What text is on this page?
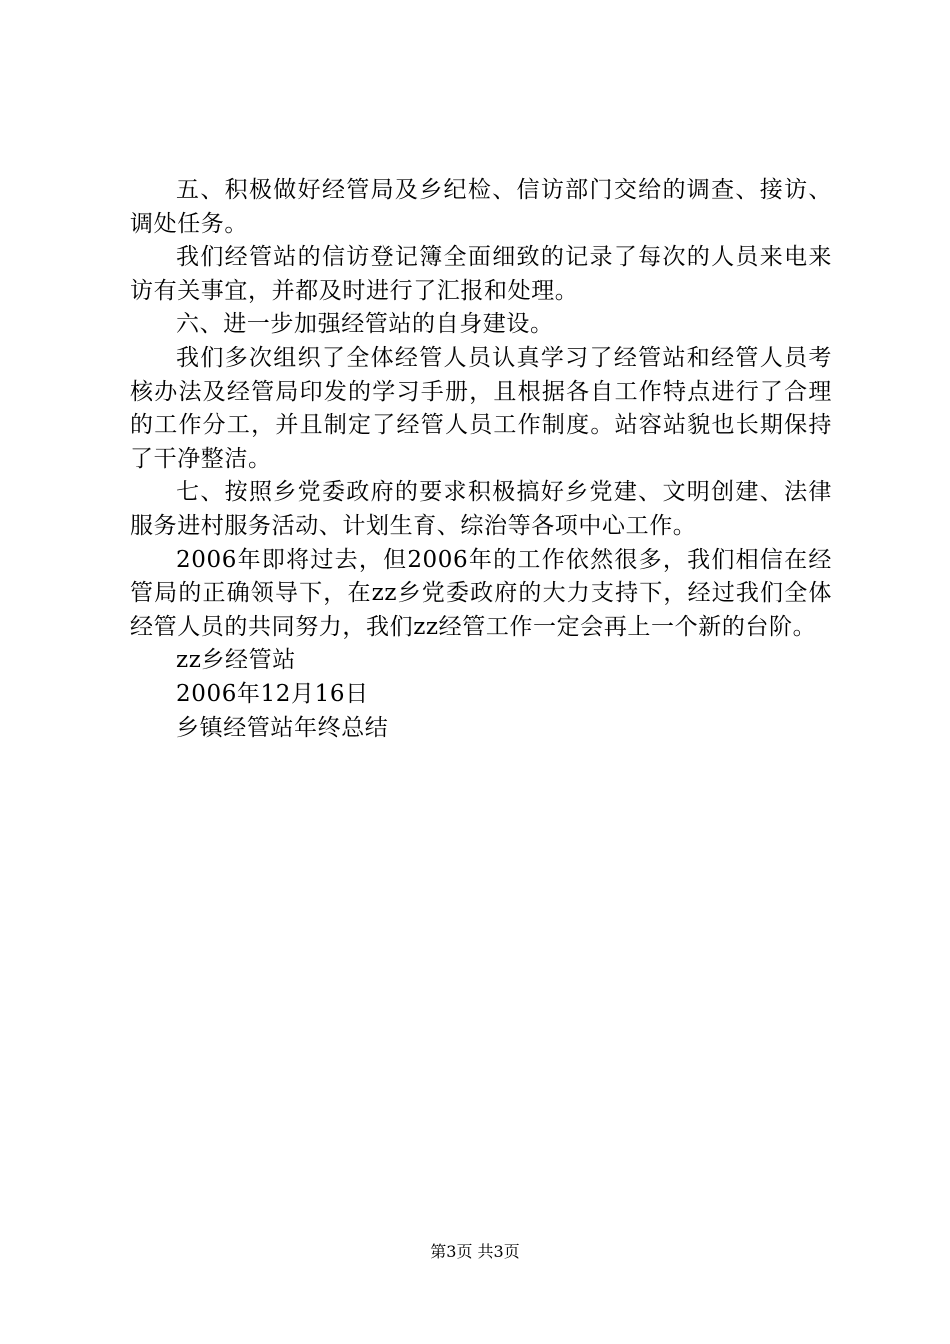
五、积极做好经管局及乡纪检、信访部门交给的调查、接访、调处任务。

我们经管站的信访登记簿全面细致的记录了每次的人员来电来访有关事宜，并都及时进行了汇报和处理。

六、进一步加强经管站的自身建设。

我们多次组织了全体经管人员认真学习了经管站和经管人员考核办法及经管局印发的学习手册，且根据各自工作特点进行了合理的工作分工，并且制定了经管人员工作制度。站容站貌也长期保持了干净整洁。

七、按照乡党委政府的要求积极搞好乡党建、文明创建、法律服务进村服务活动、计划生育、综治等各项中心工作。

2006年即将过去，但2006年的工作依然很多，我们相信在经管局的正确领导下，在zz乡党委政府的大力支持下，经过我们全体经管人员的共同努力，我们zz经管工作一定会再上一个新的台阶。

zz乡经管站

2006年12月16日

乡镇经管站年终总结

第3页 共3页
